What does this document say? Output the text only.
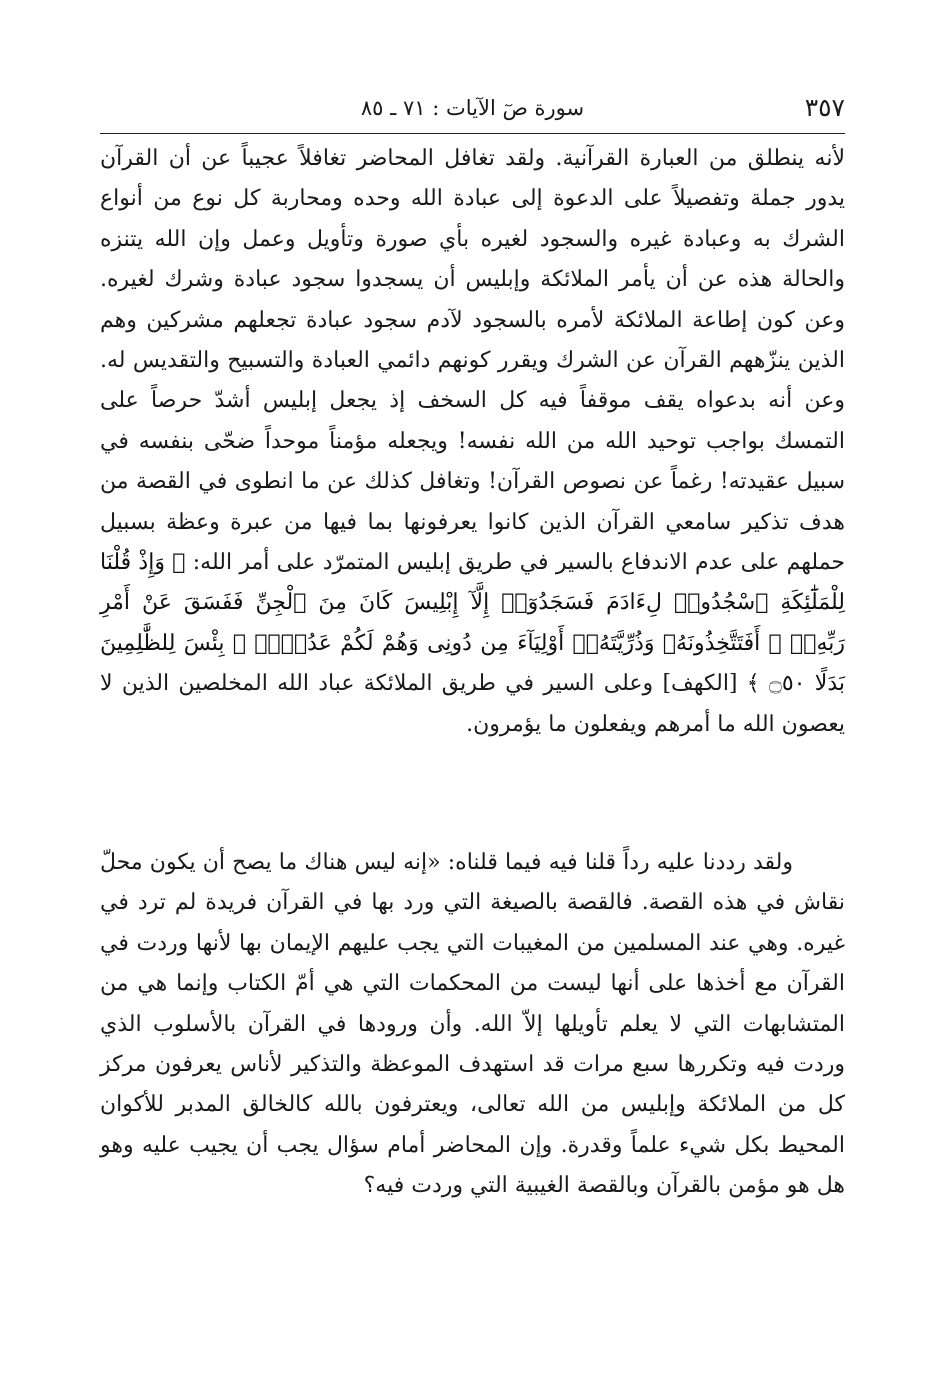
٣٥٧
سورة صٓ الآيات : ٧١ ـ ٨٥

لأنه ينطلق من العبارة القرآنية. ولقد تغافل المحاضر تغافلاً عجيباً عن أن القرآن يدور جملة وتفصيلاً على الدعوة إلى عبادة الله وحده ومحاربة كل نوع من أنواع الشرك به وعبادة غيره والسجود لغيره بأي صورة وتأويل وعمل وإن الله يتنزه والحالة هذه عن أن يأمر الملائكة وإبليس أن يسجدوا سجود عبادة وشرك لغيره. وعن كون إطاعة الملائكة لأمره بالسجود لآدم سجود عبادة تجعلهم مشركين وهم الذين ينزّههم القرآن عن الشرك ويقرر كونهم دائمي العبادة والتسبيح والتقديس له. وعن أنه بدعواه يقف موقفاً فيه كل السخف إذ يجعل إبليس أشدّ حرصاً على التمسك بواجب توحيد الله من الله نفسه! ويجعله مؤمناً موحداً ضحّى بنفسه في سبيل عقيدته! رغماً عن نصوص القرآن! وتغافل كذلك عن ما انطوى في القصة من هدف تذكير سامعي القرآن الذين كانوا يعرفونها بما فيها من عبرة وعظة بسبيل حملهم على عدم الاندفاع بالسير في طريق إبليس المتمرّد على أمر الله: ﴿ وَإِذْ قُلْنَا لِلْمَلَٰٓئِكَةِ ٱسْجُدُوا۟ لِءَادَمَ فَسَجَدُوٓا۟ إِلَّآ إِبْلِيسَ كَانَ مِنَ ٱلْجِنِّ فَفَسَقَ عَنْ أَمْرِ رَبِّهِۦٓ ۗ أَفَتَتَّخِذُونَهُۥ وَذُرِّيَّتَهُۥٓ أَوْلِيَآءَ مِن دُونِى وَهُمْ لَكُمْ عَدُوٌّۢ ۚ بِئْسَ لِلظَّٰلِمِينَ بَدَلًا ۝٥٠ ﴾ [الكهف] وعلى السير في طريق الملائكة عباد الله المخلصين الذين لا يعصون الله ما أمرهم ويفعلون ما يؤمرون.

ولقد رددنا عليه رداً قلنا فيه فيما قلناه: «إنه ليس هناك ما يصح أن يكون محلّ نقاش في هذه القصة. فالقصة بالصيغة التي ورد بها في القرآن فريدة لم ترد في غيره. وهي عند المسلمين من المغيبات التي يجب عليهم الإيمان بها لأنها وردت في القرآن مع أخذها على أنها ليست من المحكمات التي هي أمّ الكتاب وإنما هي من المتشابهات التي لا يعلم تأويلها إلاّ الله. وأن ورودها في القرآن بالأسلوب الذي وردت فيه وتكررها سبع مرات قد استهدف الموعظة والتذكير لأناس يعرفون مركز كل من الملائكة وإبليس من الله تعالى، ويعترفون بالله كالخالق المدبر للأكوان المحيط بكل شيء علماً وقدرة. وإن المحاضر أمام سؤال يجب أن يجيب عليه وهو هل هو مؤمن بالقرآن وبالقصة الغيبية التي وردت فيه؟
